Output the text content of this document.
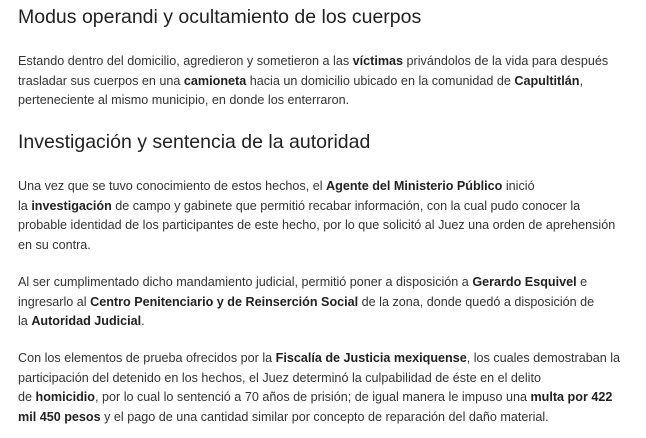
Modus operandi y ocultamiento de los cuerpos
Estando dentro del domicilio, agredieron y sometieron a las víctimas privándolos de la vida para después
trasladar sus cuerpos en una camioneta hacia un domicilio ubicado en la comunidad de Capultitlán,
perteneciente al mismo municipio, en donde los enterraron.
Investigación y sentencia de la autoridad
Una vez que se tuvo conocimiento de estos hechos, el Agente del Ministerio Público inició
la investigación de campo y gabinete que permitió recabar información, con la cual pudo conocer la
probable identidad de los participantes de este hecho, por lo que solicitó al Juez una orden de aprehensión
en su contra.
Al ser cumplimentado dicho mandamiento judicial, permitió poner a disposición a Gerardo Esquivel e
ingresarlo al Centro Penitenciario y de Reinserción Social de la zona, donde quedó a disposición de
la Autoridad Judicial.
Con los elementos de prueba ofrecidos por la Fiscalía de Justicia mexiquense, los cuales demostraban la
participación del detenido en los hechos, el Juez determinó la culpabilidad de éste en el delito
de homicidio, por lo cual lo sentenció a 70 años de prisión; de igual manera le impuso una multa por 422
mil 450 pesos y el pago de una cantidad similar por concepto de reparación del daño material.
